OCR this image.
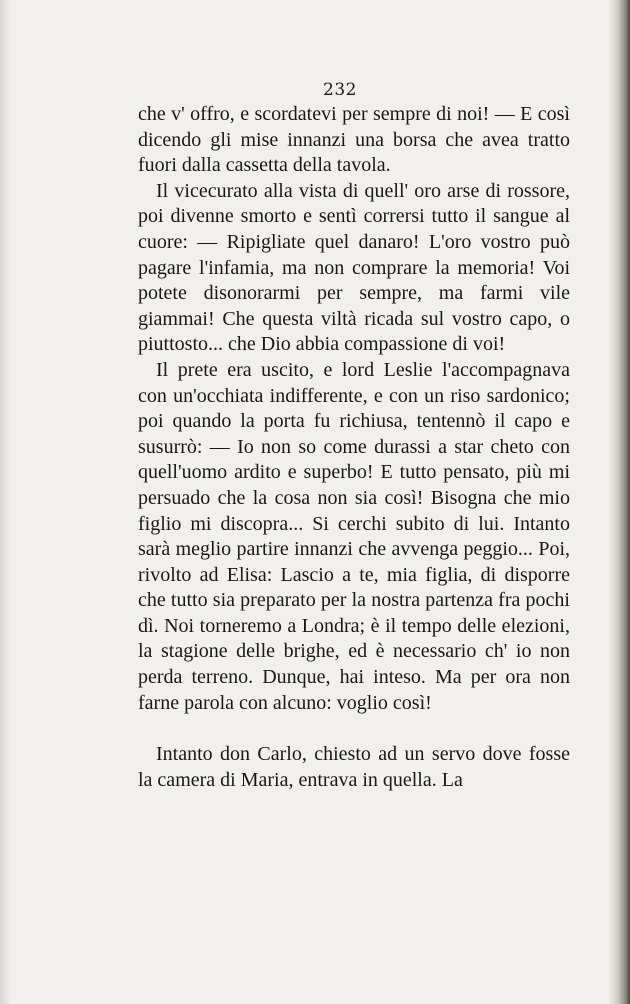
232

che v' offro, e scordatevi per sempre di noi! — E così dicendo gli mise innanzi una borsa che avea tratto fuori dalla cassetta della tavola.

Il vicecurato alla vista di quell' oro arse di rossore, poi divenne smorto e sentì corrersi tutto il sangue al cuore: — Ripigliate quel danaro! L'oro vostro può pagare l'infamia, ma non comprare la memoria! Voi potete disonorarmi per sempre, ma farmi vile giammai! Che questa viltà ricada sul vostro capo, o piuttosto... che Dio abbia compassione di voi!

Il prete era uscito, e lord Leslie l'accompagnava con un'occhiata indifferente, e con un riso sardonico; poi quando la porta fu richiusa, tentennò il capo e susurrò: — Io non so come durassi a star cheto con quell'uomo ardito e superbo! E tutto pensato, più mi persuado che la cosa non sia così! Bisogna che mio figlio mi discopra... Si cerchi subito di lui. Intanto sarà meglio partire innanzi che avvenga peggio... Poi, rivolto ad Elisa: Lascio a te, mia figlia, di disporre che tutto sia preparato per la nostra partenza fra pochi dì. Noi torneremo a Londra; è il tempo delle elezioni, la stagione delle brighe, ed è necessario ch' io non perda terreno. Dunque, hai inteso. Ma per ora non farne parola con alcuno: voglio così!

Intanto don Carlo, chiesto ad un servo dove fosse la camera di Maria, entrava in quella. La
